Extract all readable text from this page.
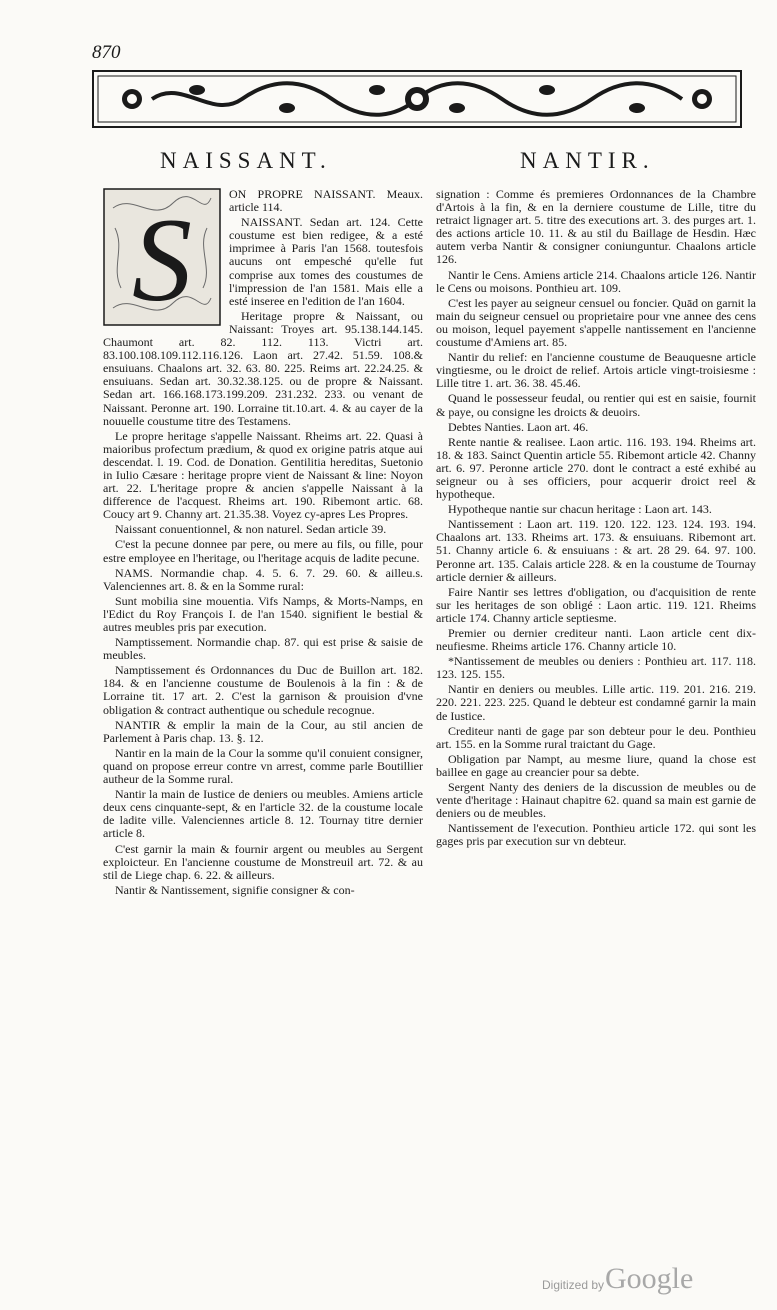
870
NAISSANT.	NANTIR.
S	ON PROPRE NAISSANT. Meaux. article 114.

NAISSANT. Sedan art. 124. Cette coustume est bien redigee, & a esté imprimee à Paris l'an 1568. toutesfois aucuns ont empesché qu'elle fut comprise aux tomes des coustumes de l'impression de l'an 1581. Mais elle a esté inseree en l'edition de l'an 1604.

Heritage propre & Naissant, ou Naissant: Troyes art. 95.138.144.145. Chaumont art. 82. 112. 113. Victri art. 83.100.108.109.112.116.126. Laon art. 27.42. 51.59. 108.& ensuiuans. Chaalons art. 32. 63. 80. 225. Reims art. 22.24.25. & ensuiuans. Sedan art. 30.32.38.125. ou de propre & Naissant. Sedan art. 166.168.173.199.209. 231.232. 233. ou venant de Naissant. Peronne art. 190. Lorraine tit.10.art. 4. & au cayer de la nouuelle coustume titre des Testamens.

Le propre heritage s'appelle Naissant. Rheims art. 22. Quasi à maioribus profectum prædium, & quod ex origine patris atque aui descendat. l. 19. Cod. de Donation. Gentilitia hereditas, Suetonio in Iulio Cæsare : heritage propre vient de Naissant & line: Noyon art. 22. L'heritage propre & ancien s'appelle Naissant à la difference de l'acquest. Rheims art. 190. Ribemont artic. 68. Coucy art 9. Channy art. 21.35.38. Voyez cy-apres Les Propres.

Naissant conuentionnel, & non naturel. Sedan article 39.

C'est la pecune donnee par pere, ou mere au fils, ou fille, pour estre employee en l'heritage, ou l'heritage acquis de ladite pecune.

NAMS. Normandie chap. 4. 5. 6. 7. 29. 60. & ailleu.s. Valenciennes art. 8. & en la Somme rural:

Sunt mobilia sine mouentia. Vifs Namps, & Morts-Namps, en l'Edict du Roy François I. de l'an 1540. signifient le bestial & autres meubles pris par execution.

Namptissement. Normandie chap. 87. qui est prise & saisie de meubles.

Namptissement és Ordonnances du Duc de Buillon art. 182. 184. & en l'ancienne coustume de Boulenois à la fin : & de Lorraine tit. 17 art. 2. C'est la garnison & prouision d'vne obligation & contract authentique ou schedule recognue.

NANTIR & emplir la main de la Cour, au stil ancien de Parlement à Paris chap. 13. §. 12.

Nantir en la main de la Cour la somme qu'il conuient consigner, quand on propose erreur contre vn arrest, comme parle Boutillier autheur de la Somme rural.

Nantir la main de Iustice de deniers ou meubles. Amiens article deux cens cinquante-sept, & en l'article 32. de la coustume locale de ladite ville. Valenciennes article 8. 12. Tournay titre dernier article 8.

C'est garnir la main & fournir argent ou meubles au Sergent exploicteur. En l'ancienne coustume de Monstreuil art. 72. & au stil de Liege chap. 6. 22. & ailleurs.

Nantir & Nantissement, signifie consigner & con-

signation : Comme és premieres Ordonnances de la Chambre d'Artois à la fin, & en la derniere coustume de Lille, titre du retraict lignager art. 5. titre des executions art. 3. des purges art. 1. des actions article 10. 11. & au stil du Baillage de Hesdin. Hæc autem verba Nantir & consigner coniunguntur. Chaalons article 126.

Nantir le Cens. Amiens article 214. Chaalons article 126. Nantir le Cens ou moisons. Ponthieu art. 109.

C'est les payer au seigneur censuel ou foncier. Quād on garnit la main du seigneur censuel ou proprietaire pour vne annee des cens ou moison, lequel payement s'appelle nantissement en l'ancienne coustume d'Amiens art. 85.

Nantir du relief: en l'ancienne coustume de Beauquesne article vingtiesme, ou le droict de relief. Artois article vingt-troisiesme : Lille titre 1. art. 36. 38. 45.46.

Quand le possesseur feudal, ou rentier qui est en saisie, fournit & paye, ou consigne les droicts & deuoirs.

Debtes Nanties. Laon art. 46.

Rente nantie & realisee. Laon artic. 116. 193. 194. Rheims art. 18. & 183. Sainct Quentin article 55. Ribemont article 42. Channy art. 6. 97. Peronne article 270. dont le contract a esté exhibé au seigneur ou à ses officiers, pour acquerir droict reel & hypotheque.

Hypotheque nantie sur chacun heritage : Laon art. 143.

Nantissement : Laon art. 119. 120. 122. 123. 124. 193. 194. Chaalons art. 133. Rheims art. 173. & ensuiuans. Ribemont art. 51. Channy article 6. & ensuiuans : & art. 28 29. 64. 97. 100. Peronne art. 135. Calais article 228. & en la coustume de Tournay article dernier & ailleurs.

Faire Nantir ses lettres d'obligation, ou d'acquisition de rente sur les heritages de son obligé : Laon artic. 119. 121. Rheims article 174. Channy article septiesme.

Premier ou dernier crediteur nanti. Laon article cent dix-neufiesme. Rheims article 176. Channy article 10.

*Nantissement de meubles ou deniers : Ponthieu art. 117. 118. 123. 125. 155.

Nantir en deniers ou meubles. Lille artic. 119. 201. 216. 219. 220. 221. 223. 225. Quand le debteur est condamné garnir la main de Iustice.

Crediteur nanti de gage par son debteur pour le deu. Ponthieu art. 155. en la Somme rural traictant du Gage.

Obligation par Nampt, au mesme liure, quand la chose est baillee en gage au creancier pour sa debte.

Sergent Nanty des deniers de la discussion de meubles ou de vente d'heritage : Hainaut chapitre 62. quand sa main est garnie de deniers ou de meubles.

Nantissement de l'execution. Ponthieu article 172. qui sont les gages pris par execution sur vn debteur.

Digitized by Google
